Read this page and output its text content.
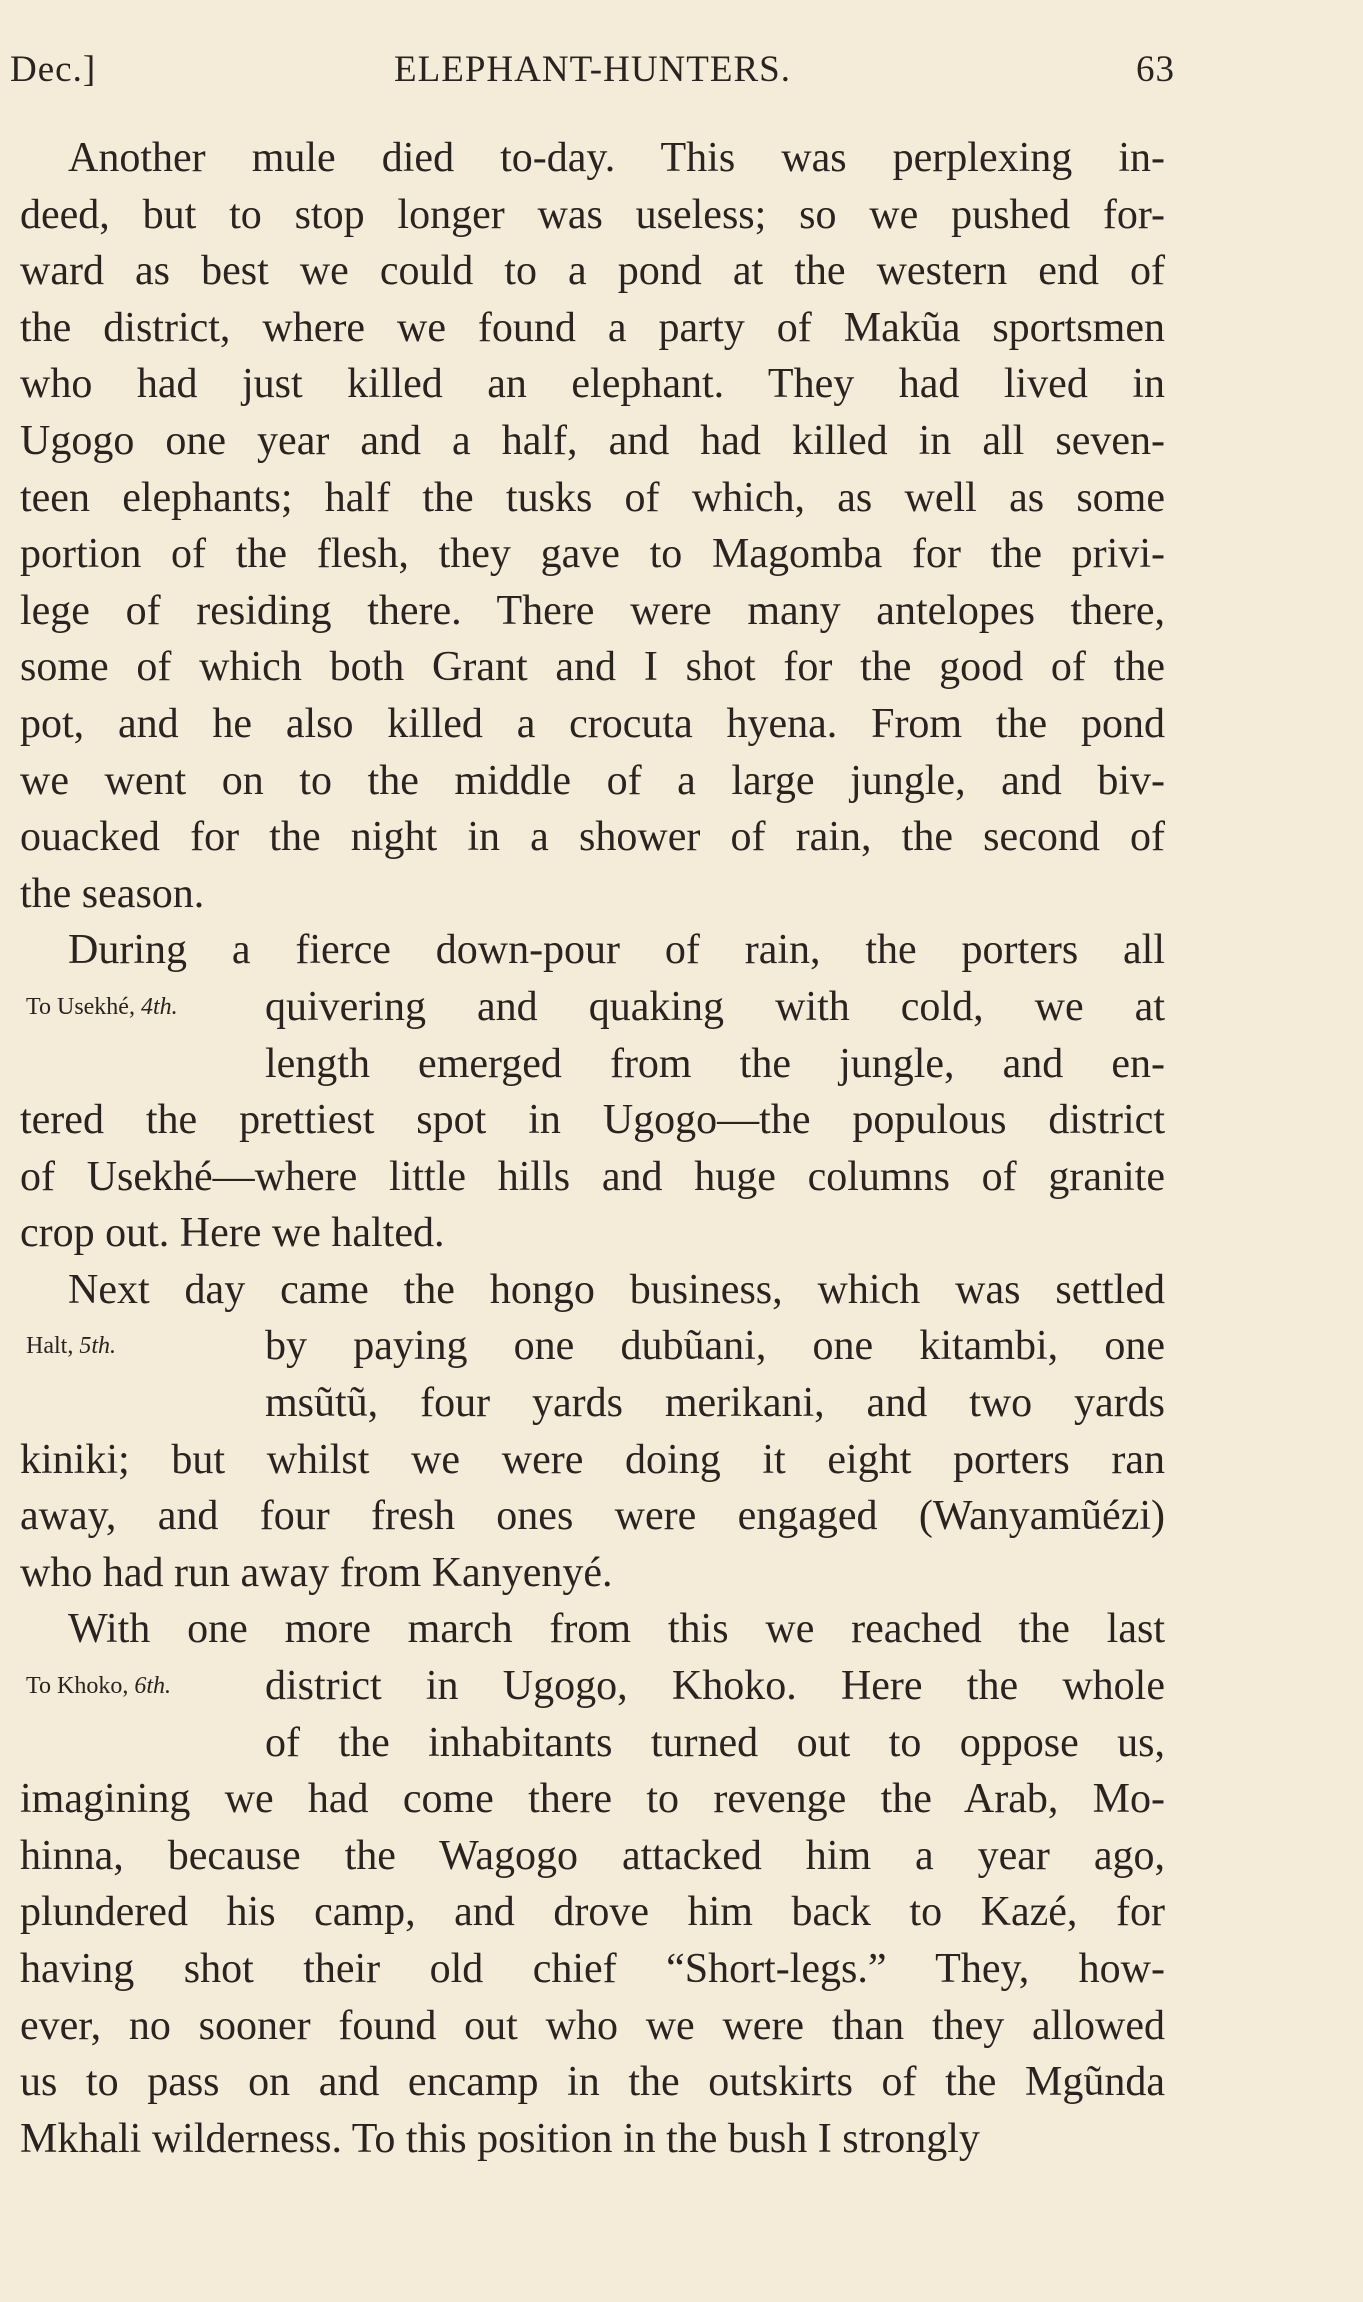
Dec.]	ELEPHANT-HUNTERS.	63
Another mule died to-day. This was perplexing in-
deed, but to stop longer was useless; so we pushed for-
ward as best we could to a pond at the western end of
the district, where we found a party of Makũa sportsmen
who had just killed an elephant. They had lived in
Ugogo one year and a half, and had killed in all seven-
teen elephants; half the tusks of which, as well as some
portion of the flesh, they gave to Magomba for the privi-
lege of residing there. There were many antelopes there,
some of which both Grant and I shot for the good of the
pot, and he also killed a crocuta hyena. From the pond
we went on to the middle of a large jungle, and biv-
ouacked for the night in a shower of rain, the second of
the season.
During a fierce down-pour of rain, the porters all
To Usekhé, 4th. quivering and quaking with cold, we at
length emerged from the jungle, and en-
tered the prettiest spot in Ugogo—the populous district
of Usekhé—where little hills and huge columns of granite
crop out. Here we halted.
Next day came the hongo business, which was settled
Halt, 5th.	by paying one dubũani, one kitambi, one
msũtũ, four yards merikani, and two yards
kiniki; but whilst we were doing it eight porters ran
away, and four fresh ones were engaged (Wanyamũézi)
who had run away from Kanyenyé.
With one more march from this we reached the last
To Khoko, 6th. district in Ugogo, Khoko. Here the whole
of the inhabitants turned out to oppose us,
imagining we had come there to revenge the Arab, Mo-
hinna, because the Wagogo attacked him a year ago,
plundered his camp, and drove him back to Kazé, for
having shot their old chief “Short-legs.” They, how-
ever, no sooner found out who we were than they allowed
us to pass on and encamp in the outskirts of the Mgũnda
Mkhali wilderness. To this position in the bush I strongly
